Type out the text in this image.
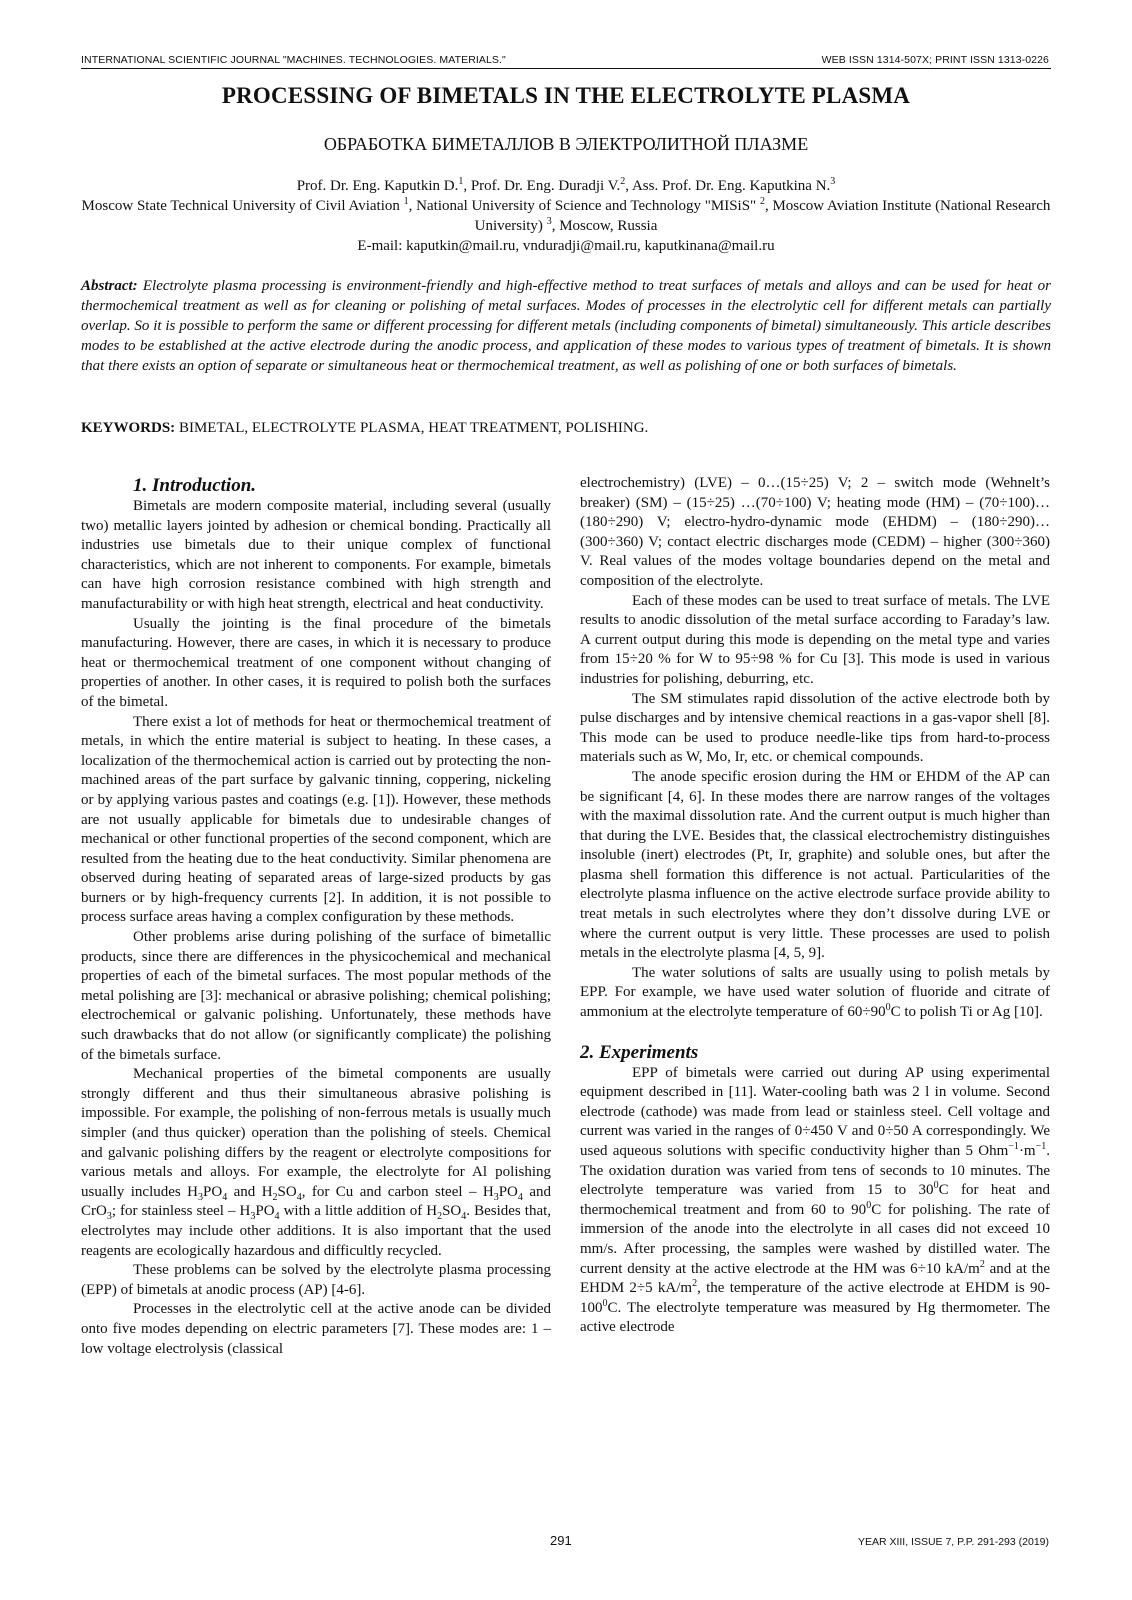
INTERNATIONAL SCIENTIFIC JOURNAL "MACHINES. TECHNOLOGIES. MATERIALS."	WEB ISSN 1314-507X; PRINT ISSN 1313-0226
PROCESSING OF BIMETALS IN THE ELECTROLYTE PLASMA
ОБРАБОТКА БИМЕТАЛЛОВ В ЭЛЕКТРОЛИТНОЙ ПЛАЗМЕ
Prof. Dr. Eng. Kaputkin D.$^1$, Prof. Dr. Eng. Duradji V.$^2$, Ass. Prof. Dr. Eng. Kaputkina N.$^3$
Moscow State Technical University of Civil Aviation $^1$, National University of Science and Technology "MISiS" $^2$, Moscow Aviation Institute (National Research University) $^3$, Moscow, Russia
E-mail: kaputkin@mail.ru, vnduradji@mail.ru, kaputkinana@mail.ru
Abstract: Electrolyte plasma processing is environment-friendly and high-effective method to treat surfaces of metals and alloys and can be used for heat or thermochemical treatment as well as for cleaning or polishing of metal surfaces. Modes of processes in the electrolytic cell for different metals can partially overlap. So it is possible to perform the same or different processing for different metals (including components of bimetal) simultaneously. This article describes modes to be established at the active electrode during the anodic process, and application of these modes to various types of treatment of bimetals. It is shown that there exists an option of separate or simultaneous heat or thermochemical treatment, as well as polishing of one or both surfaces of bimetals.
KEYWORDS: BIMETAL, ELECTROLYTE PLASMA, HEAT TREATMENT, POLISHING.
1. Introduction.

Bimetals are modern composite material, including several (usually two) metallic layers jointed by adhesion or chemical bonding. Practically all industries use bimetals due to their unique complex of functional characteristics, which are not inherent to components. For example, bimetals can have high corrosion resistance combined with high strength and manufacturability or with high heat strength, electrical and heat conductivity.

Usually the jointing is the final procedure of the bimetals manufacturing. However, there are cases, in which it is necessary to produce heat or thermochemical treatment of one component without changing of properties of another. In other cases, it is required to polish both the surfaces of the bimetal.

There exist a lot of methods for heat or thermochemical treatment of metals, in which the entire material is subject to heating. In these cases, a localization of the thermochemical action is carried out by protecting the non-machined areas of the part surface by galvanic tinning, coppering, nickeling or by applying various pastes and coatings (e.g. [1]). However, these methods are not usually applicable for bimetals due to undesirable changes of mechanical or other functional properties of the second component, which are resulted from the heating due to the heat conductivity. Similar phenomena are observed during heating of separated areas of large-sized products by gas burners or by high-frequency currents [2]. In addition, it is not possible to process surface areas having a complex configuration by these methods.

Other problems arise during polishing of the surface of bimetallic products, since there are differences in the physicochemical and mechanical properties of each of the bimetal surfaces. The most popular methods of the metal polishing are [3]: mechanical or abrasive polishing; chemical polishing; electrochemical or galvanic polishing. Unfortunately, these methods have such drawbacks that do not allow (or significantly complicate) the polishing of the bimetals surface.

Mechanical properties of the bimetal components are usually strongly different and thus their simultaneous abrasive polishing is impossible. For example, the polishing of non-ferrous metals is usually much simpler (and thus quicker) operation than the polishing of steels. Chemical and galvanic polishing differs by the reagent or electrolyte compositions for various metals and alloys. For example, the electrolyte for Al polishing usually includes $H_3PO_4$ and $H_2SO_4$, for Cu and carbon steel – $H_3PO_4$ and CrO$_3$; for stainless steel – $H_3PO_4$ with a little addition of $H_2SO_4$. Besides that, electrolytes may include other additions. It is also important that the used reagents are ecologically hazardous and difficultly recycled.

These problems can be solved by the electrolyte plasma processing (EPP) of bimetals at anodic process (AP) [4-6].

Processes in the electrolytic cell at the active anode can be divided onto five modes depending on electric parameters [7]. These modes are: 1 – low voltage electrolysis (classical

electrochemistry) (LVE) – 0…(15÷25) V; 2 – switch mode (Wehnelt’s breaker) (SM) – (15÷25) …(70÷100) V; heating mode (HM) – (70÷100)…(180÷290) V; electro-hydro-dynamic mode (EHDM) – (180÷290)…(300÷360) V; contact electric discharges mode (CEDM) – higher (300÷360) V. Real values of the modes voltage boundaries depend on the metal and composition of the electrolyte.

Each of these modes can be used to treat surface of metals. The LVE results to anodic dissolution of the metal surface according to Faraday’s law. A current output during this mode is depending on the metal type and varies from 15÷20 % for W to 95÷98 % for Cu [3]. This mode is used in various industries for polishing, deburring, etc.

The SM stimulates rapid dissolution of the active electrode both by pulse discharges and by intensive chemical reactions in a gas-vapor shell [8]. This mode can be used to produce needle-like tips from hard-to-process materials such as W, Mo, Ir, etc. or chemical compounds.

The anode specific erosion during the HM or EHDM of the AP can be significant [4, 6]. In these modes there are narrow ranges of the voltages with the maximal dissolution rate. And the current output is much higher than that during the LVE. Besides that, the classical electrochemistry distinguishes insoluble (inert) electrodes (Pt, Ir, graphite) and soluble ones, but after the plasma shell formation this difference is not actual. Particularities of the electrolyte plasma influence on the active electrode surface provide ability to treat metals in such electrolytes where they don’t dissolve during LVE or where the current output is very little. These processes are used to polish metals in the electrolyte plasma [4, 5, 9].

The water solutions of salts are usually using to polish metals by EPP. For example, we have used water solution of fluoride and citrate of ammonium at the electrolyte temperature of $60\div 90^0C$ to polish Ti or Ag [10].

2. Experiments

EPP of bimetals were carried out during AP using experimental equipment described in [11]. Water-cooling bath was 2 l in volume. Second electrode (cathode) was made from lead or stainless steel. Cell voltage and current was varied in the ranges of 0÷450 V and 0÷50 A correspondingly. We used aqueous solutions with specific conductivity higher than 5 $Ohm^{-1}\cdot m^{-1}$. The oxidation duration was varied from tens of seconds to 10 minutes. The electrolyte temperature was varied from 15 to $30^0C$ for heat and thermochemical treatment and from 60 to $90^0C$ for polishing. The rate of immersion of the anode into the electrolyte in all cases did not exceed 10 mm/s. After processing, the samples were washed by distilled water. The current density at the active electrode at the HM was 6÷10 $kA/m^2$ and at the EHDM 2÷5 $kA/m^2$, the temperature of the active electrode at EHDM is $90-100^0C$. The electrolyte temperature was measured by Hg thermometer. The active electrode

291	YEAR XIII, ISSUE 7, P.P. 291-293 (2019)
